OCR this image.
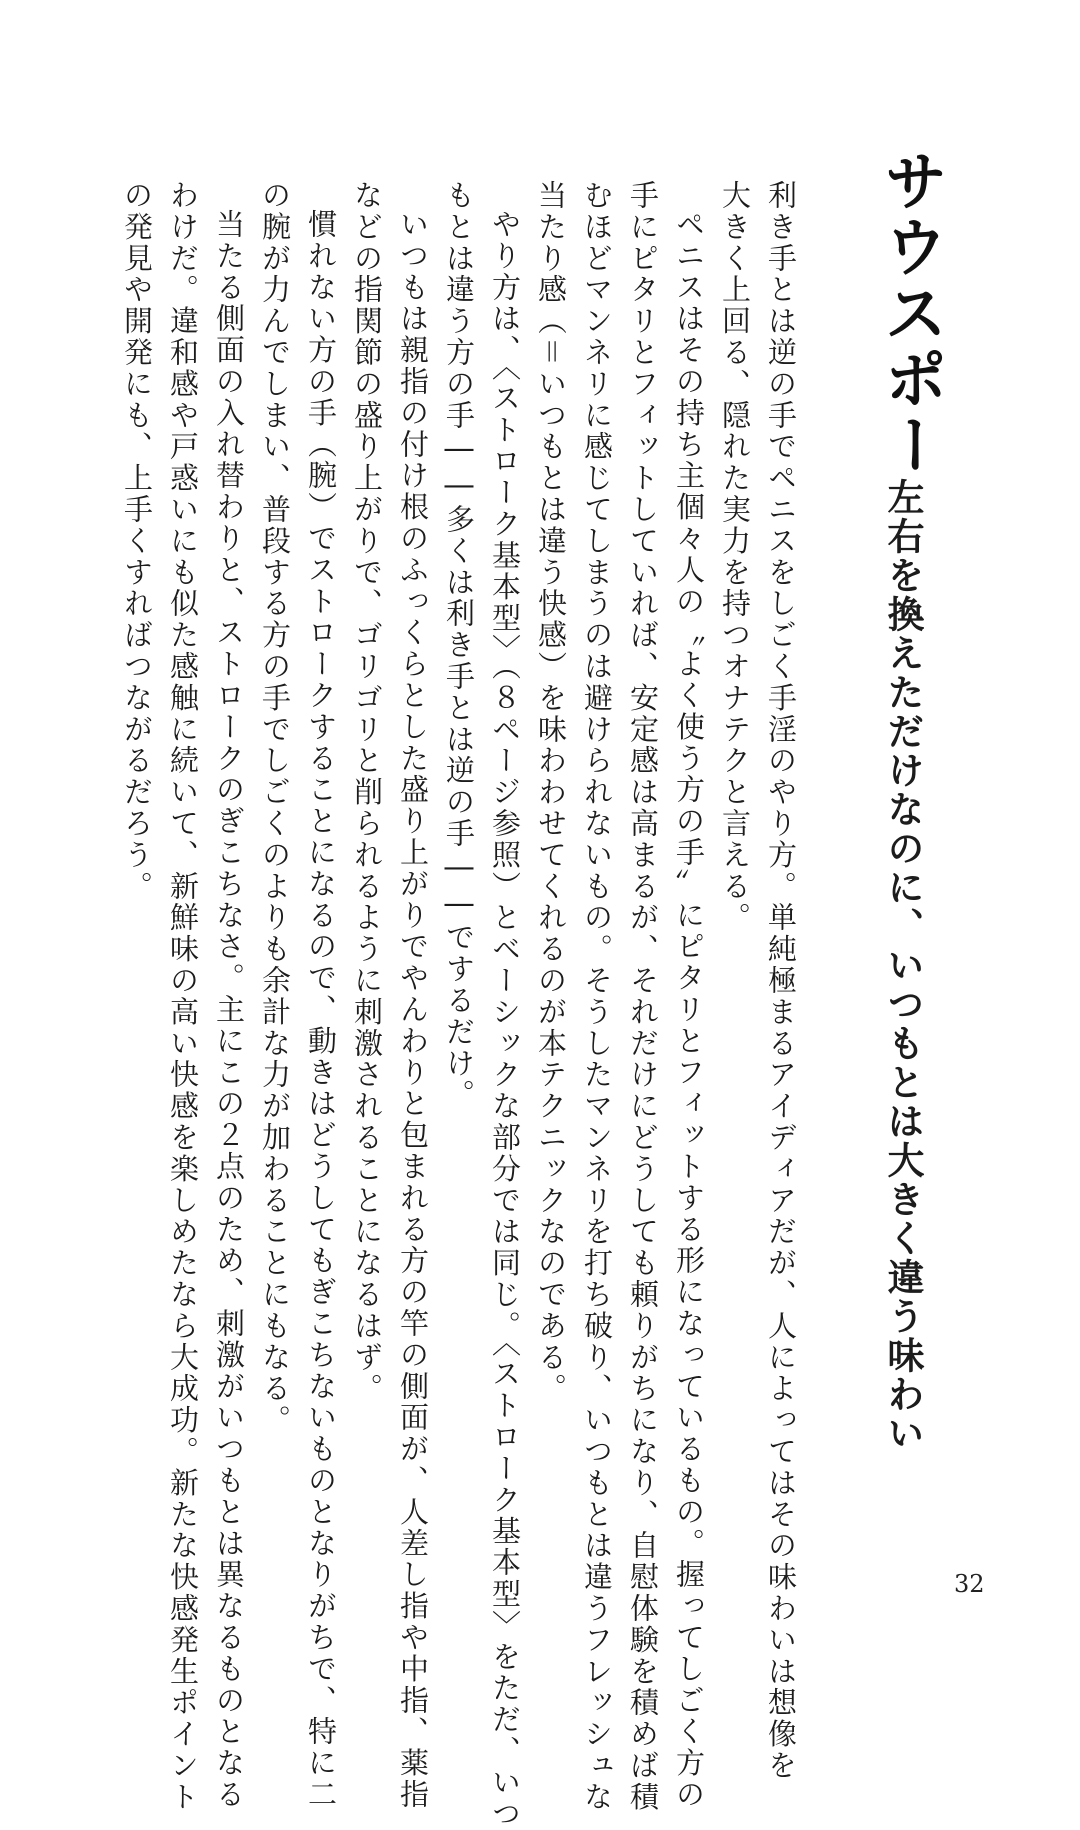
サウスポー
左右を換えただけなのに、いつもとは大きく違う味わい

利き手とは逆の手でペニスをしごく手淫のやり方。単純極まるアイディアだが、人によってはその味わいは想像を

大きく上回る、隠れた実力を持つオナテクと言える。

ペニスはその持ち主個々人の〝よく使う方の手〟にピタリとフィットする形になっているもの。握ってしごく方の

手にピタリとフィットしていれば、安定感は高まるが、それだけにどうしても頼りがちになり、自慰体験を積めば積

むほどマンネリに感じてしまうのは避けられないもの。そうしたマンネリを打ち破り、いつもとは違うフレッシュな

当たり感（＝いつもとは違う快感）を味わわせてくれるのが本テクニックなのである。

やり方は、〈ストローク基本型〉（８ページ参照）とベーシックな部分では同じ。〈ストローク基本型〉をただ、いつ

もとは違う方の手――多くは利き手とは逆の手――でするだけ。

いつもは親指の付け根のふっくらとした盛り上がりでやんわりと包まれる方の竿の側面が、人差し指や中指、薬指

などの指関節の盛り上がりで、ゴリゴリと削られるように刺激されることになるはず。

慣れない方の手（腕）でストロークすることになるので、動きはどうしてもぎこちないものとなりがちで、特に二

の腕が力んでしまい、普段する方の手でしごくのよりも余計な力が加わることにもなる。

当たる側面の入れ替わりと、ストロークのぎこちなさ。主にこの２点のため、刺激がいつもとは異なるものとなる

わけだ。違和感や戸惑いにも似た感触に続いて、新鮮味の高い快感を楽しめたなら大成功。新たな快感発生ポイント

の発見や開発にも、上手くすればつながるだろう。

32
